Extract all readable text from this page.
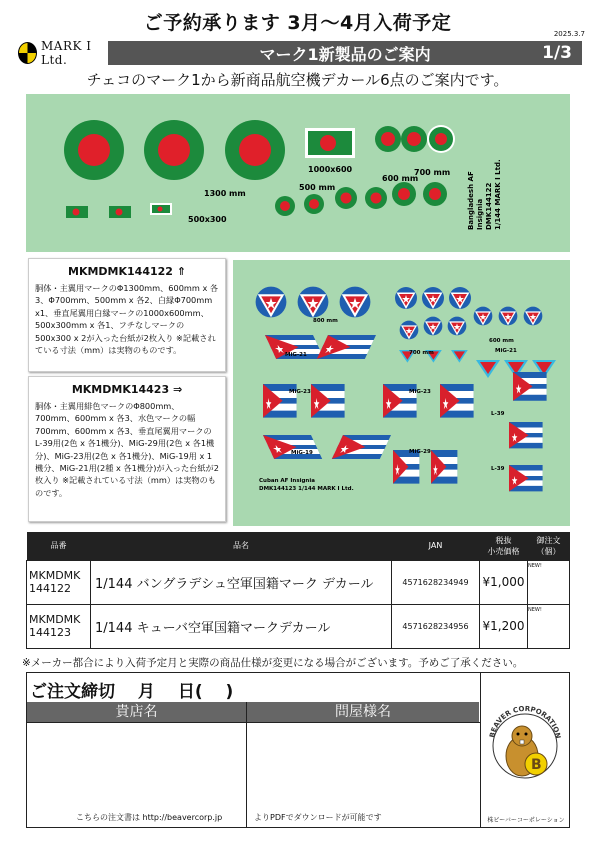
ご予約承ります 3月～4月入荷予定	2025.3.7
MARK I Ltd.	マーク1新製品のご案内	1/3
チェコのマーク1から新商品航空機デカール6点のご案内です。
1300 mm
500x300
1000x600
500 mm
600 mm
700 mm Bangladesh AF Insignia DMK144122 1/144 MARK I Ltd.
MKMDMK144122 ⇑

胴体・主翼用マークのΦ1300mm、600mm x 各3、Φ700mm、500mm x 各2、白縁Φ700mm x1、垂直尾翼用白縁マークの1000x600mm、500x300mm x 各1、フチなしマークの500x300 x 2が入った台紙が2枚入り ※記載されている寸法（mm）は実物のものです。

MKMDMK14423 ⇒

胴体・主翼用緋色マークのΦ800mm、700mm、600mm x 各3、水色マークの幅700mm、600mm x 各3、垂直尾翼用マークのL-39用(2色 x 各1機分)、MiG-29用(2色 x 各1機分)、MiG-23用(2色 x 各1機分)、MiG-19用 x 1機分、MiG-21用(2種 x 各1機分)が入った台紙が2枚入り ※記載されている寸法（mm）は実物のものです。

800 mm
600 mm
700 mm
MiG-21
MiG-21
MiG-23	MiG-23
MiG-19	MiG-29
L-39
L-39
Cuban AF Insignia
DMK144123 1/144 MARK I Ltd.
品番	品名	JAN	税抜
小売価格	御注文
（個）
MKMDMK 144122	1/144 バングラデシュ空軍国籍マーク デカール	4571628234949	¥1,000	NEW!
MKMDMK 144123	1/144 キューバ空軍国籍マークデカール	4571628234956	¥1,200	NEW!
※メーカー都合により入荷予定月と実際の商品仕様が変更になる場合がございます。予めご了承ください。
ご注文締切　 月　 日(　 )
貴店名	問屋様名
こちらの注文書は http://beavercorp.jp	よりPDFでダウンロードが可能です
BEAVER CORPORATION
B
株ビーバーコーポレーション
